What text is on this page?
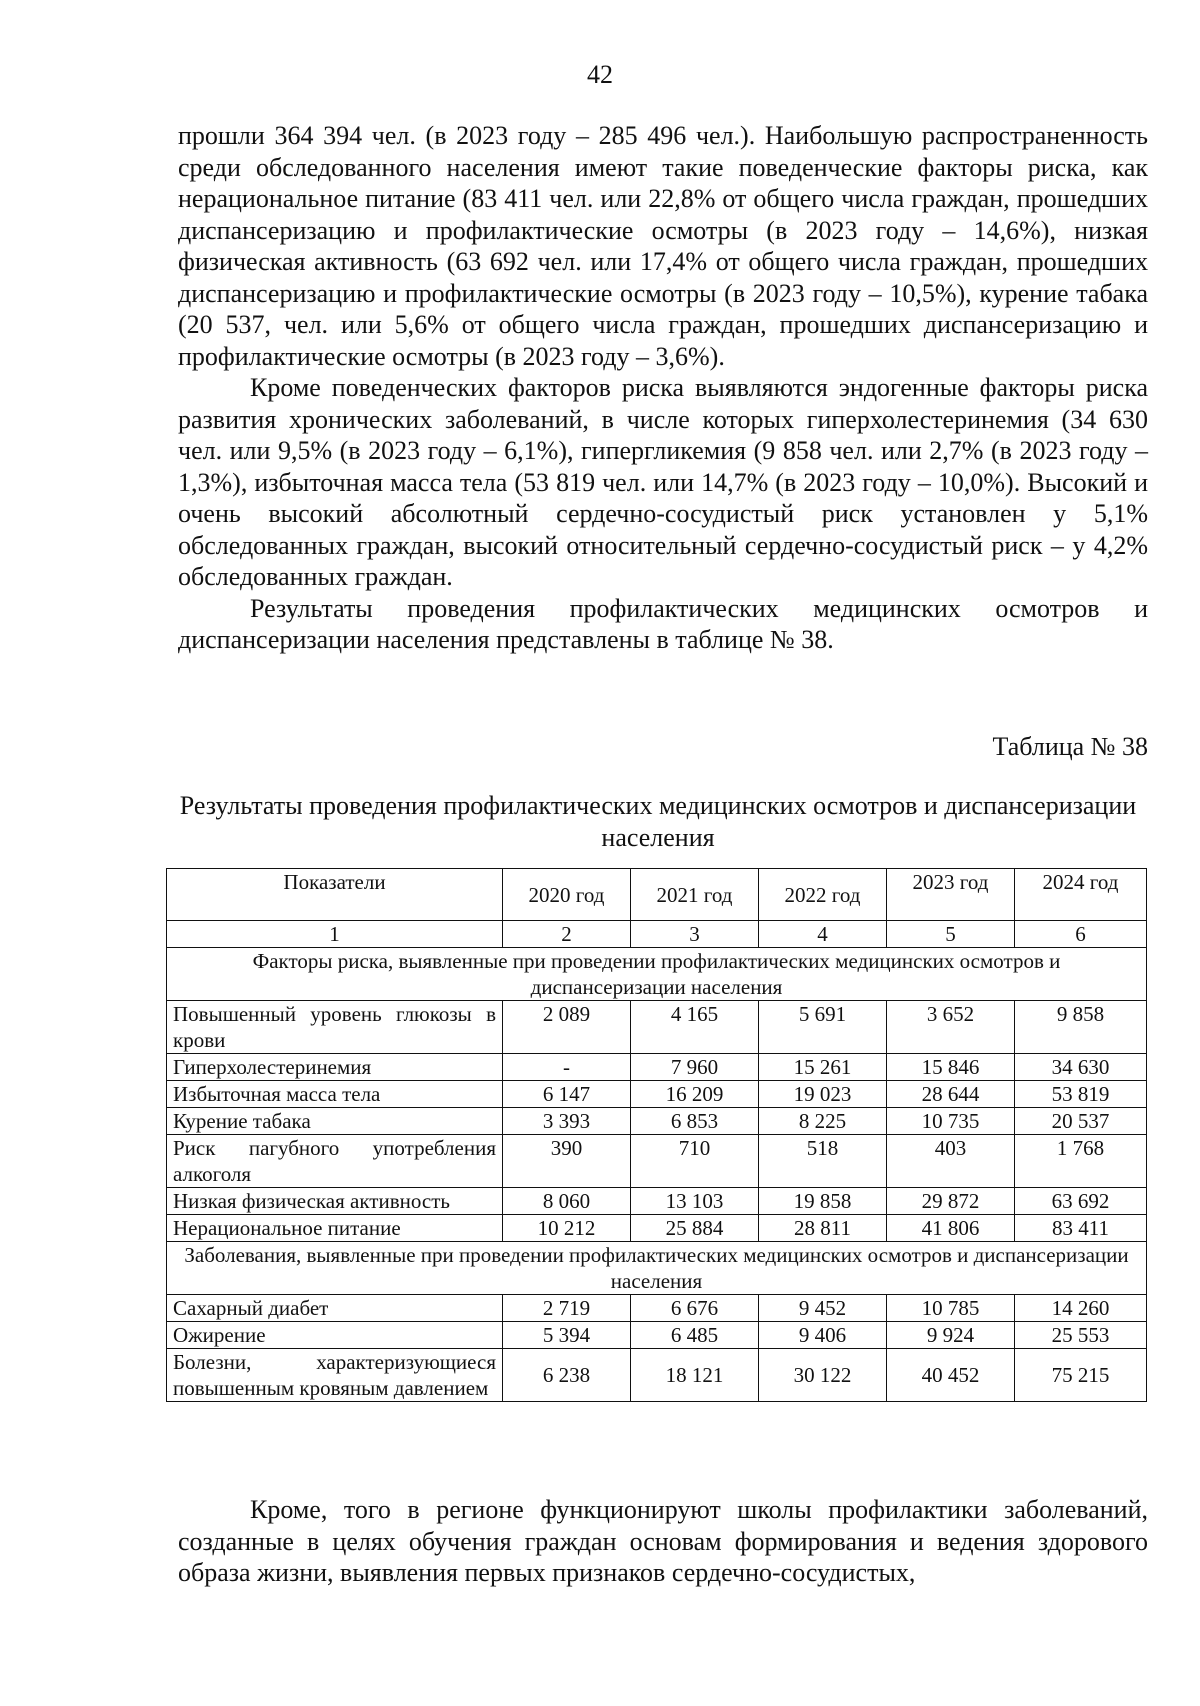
42

прошли 364 394 чел. (в 2023 году – 285 496 чел.). Наибольшую распространенность среди обследованного населения имеют такие поведенческие факторы риска, как нерациональное питание (83 411 чел. или 22,8% от общего числа граждан, прошедших диспансеризацию и профилактические осмотры (в 2023 году – 14,6%), низкая физическая активность (63 692 чел. или 17,4% от общего числа граждан, прошедших диспансеризацию и профилактические осмотры (в 2023 году – 10,5%), курение табака (20 537, чел. или 5,6% от общего числа граждан, прошедших диспансеризацию и профилактические осмотры (в 2023 году – 3,6%).

Кроме поведенческих факторов риска выявляются эндогенные факторы риска развития хронических заболеваний, в числе которых гиперхолестеринемия (34 630 чел. или 9,5% (в 2023 году – 6,1%), гипергликемия (9 858 чел. или 2,7% (в 2023 году – 1,3%), избыточная масса тела (53 819 чел. или 14,7% (в 2023 году – 10,0%). Высокий и очень высокий абсолютный сердечно-сосудистый риск установлен у 5,1% обследованных граждан, высокий относительный сердечно-сосудистый риск – у 4,2% обследованных граждан.

Результаты проведения профилактических медицинских осмотров и диспансеризации населения представлены в таблице № 38.

Таблица № 38
Результаты проведения профилактических медицинских осмотров и диспансеризации населения
Показатели	2020 год	2021 год	2022 год	2023 год	2024 год
1	2	3	4	5	6
Факторы риска, выявленные при проведении профилактических медицинских осмотров и диспансеризации населения					
Повышенный уровень глюкозы в крови	2 089	4 165	5 691	3 652	9 858
Гиперхолестеринемия	-	7 960	15 261	15 846	34 630
Избыточная масса тела	6 147	16 209	19 023	28 644	53 819
Курение табака	3 393	6 853	8 225	10 735	20 537
Риск пагубного употребления алкоголя	390	710	518	403	1 768
Низкая физическая активность	8 060	13 103	19 858	29 872	63 692
Нерациональное питание	10 212	25 884	28 811	41 806	83 411
Заболевания, выявленные при проведении профилактических медицинских осмотров и диспансеризации населения					
Сахарный диабет	2 719	6 676	9 452	10 785	14 260
Ожирение	5 394	6 485	9 406	9 924	25 553
Болезни, характеризующиеся повышенным кровяным давлением	6 238	18 121	30 122	40 452	75 215

Кроме, того в регионе функционируют школы профилактики заболеваний, созданные в целях обучения граждан основам формирования и ведения здорового образа жизни, выявления первых признаков сердечно-сосудистых,
